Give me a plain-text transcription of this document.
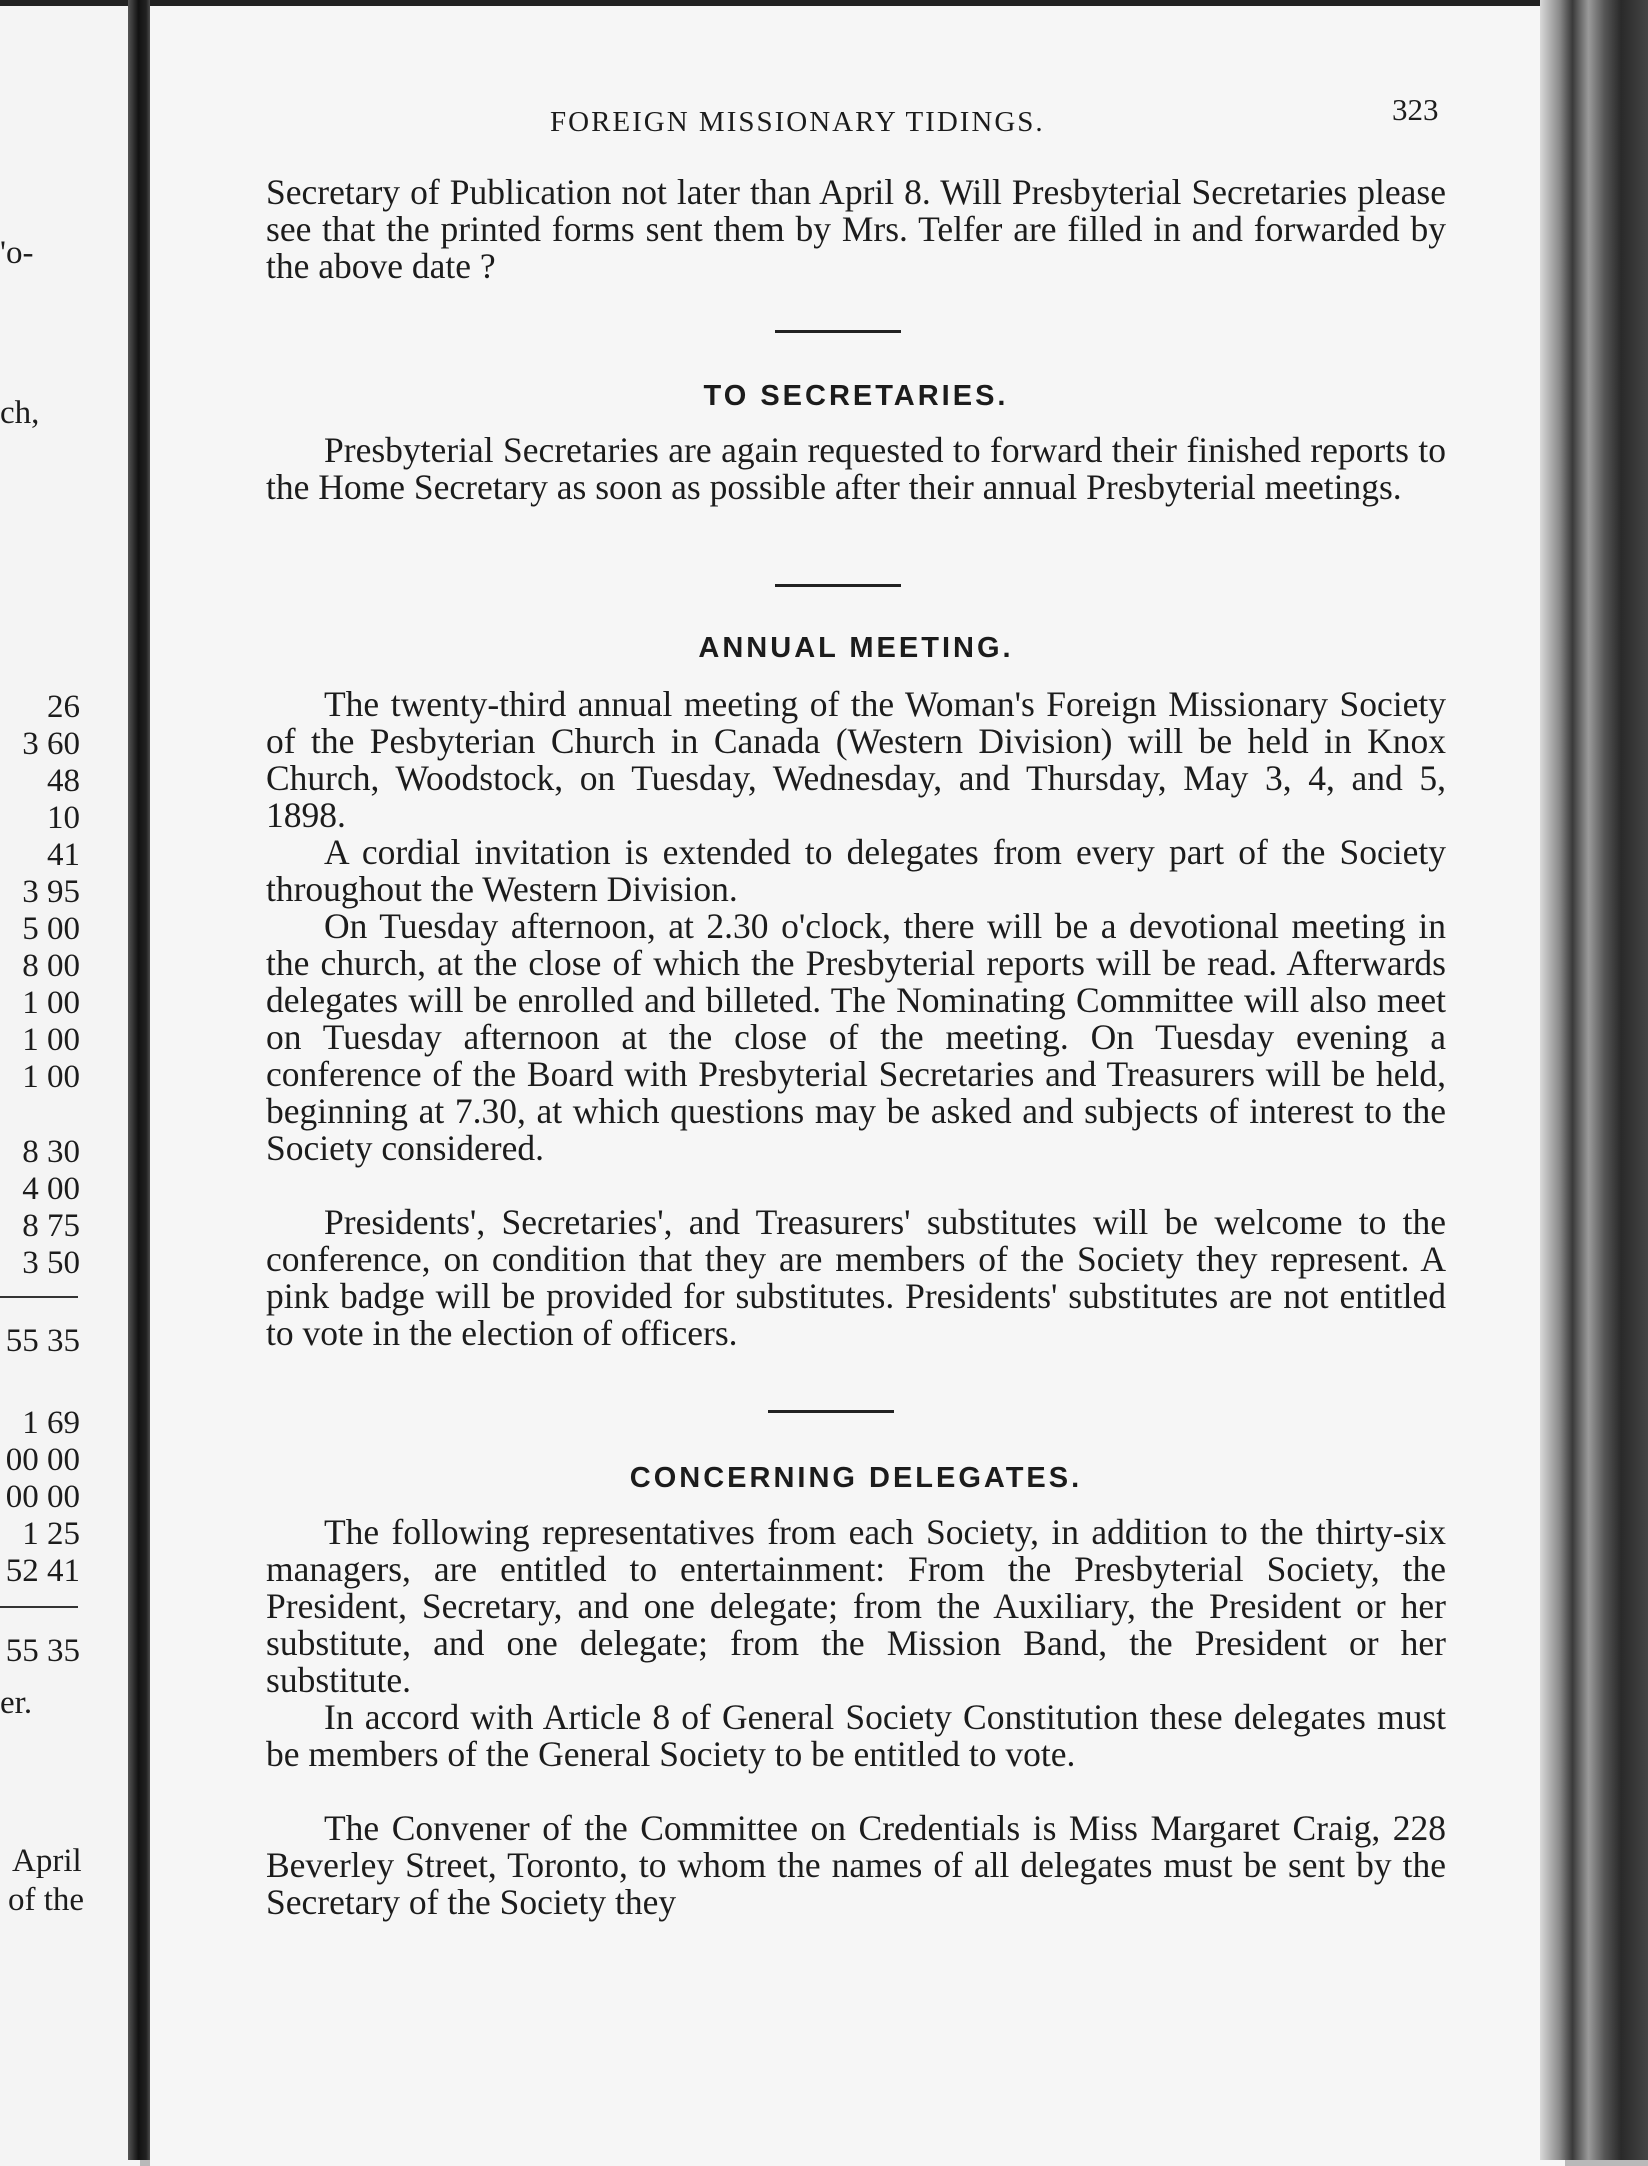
'o-

ch,

26

3 60

48

10

41

3 95

5 00

8 00

1 00

1 00

1 00

8 30

4 00

8 75

3 50

55 35

1 69

00 00

00 00

1 25

52 41

55 35

er.

April

of the

FOREIGN MISSIONARY TIDINGS.	323

Secretary of Publication not later than April 8. Will Presbyterial Secretaries please see that the printed forms sent them by Mrs. Telfer are filled in and forwarded by the above date ?

TO SECRETARIES.

Presbyterial Secretaries are again requested to forward their finished reports to the Home Secretary as soon as possible after their annual Presbyterial meetings.

ANNUAL MEETING.

The twenty-third annual meeting of the Woman's Foreign Missionary Society of the Pesbyterian Church in Canada (Western Division) will be held in Knox Church, Woodstock, on Tuesday, Wednesday, and Thursday, May 3, 4, and 5, 1898.

A cordial invitation is extended to delegates from every part of the Society throughout the Western Division.

On Tuesday afternoon, at 2.30 o'clock, there will be a devotional meeting in the church, at the close of which the Presbyterial reports will be read. Afterwards delegates will be enrolled and billeted. The Nominating Committee will also meet on Tuesday afternoon at the close of the meeting. On Tuesday evening a conference of the Board with Presbyterial Secretaries and Treasurers will be held, beginning at 7.30, at which questions may be asked and subjects of interest to the Society considered.

Presidents', Secretaries', and Treasurers' substitutes will be welcome to the conference, on condition that they are members of the Society they represent. A pink badge will be provided for substitutes. Presidents' substitutes are not entitled to vote in the election of officers.

CONCERNING DELEGATES.

The following representatives from each Society, in addition to the thirty-six managers, are entitled to entertainment: From the Presbyterial Society, the President, Secretary, and one delegate; from the Auxiliary, the President or her substitute, and one delegate; from the Mission Band, the President or her substitute.

In accord with Article 8 of General Society Constitution these delegates must be members of the General Society to be entitled to vote.

The Convener of the Committee on Credentials is Miss Margaret Craig, 228 Beverley Street, Toronto, to whom the names of all delegates must be sent by the Secretary of the Society they
